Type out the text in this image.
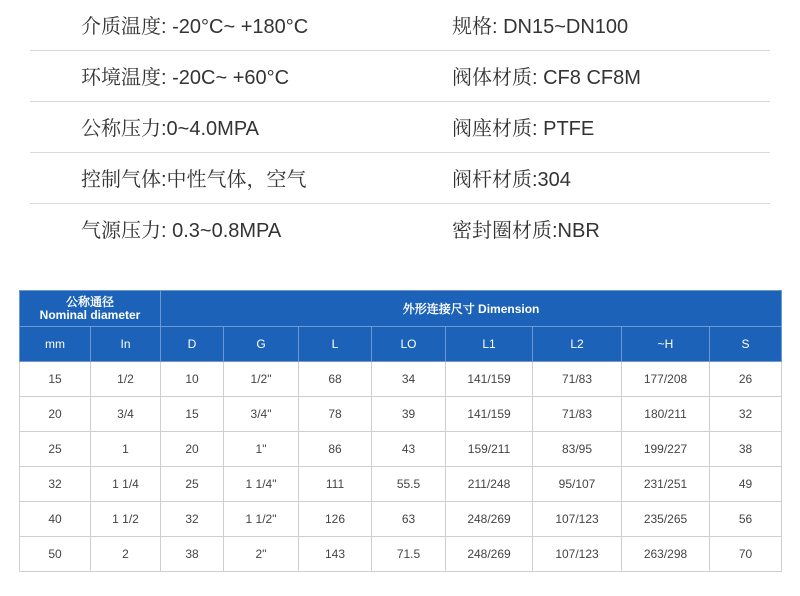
介质温度: -20°C~ +180°C	规格: DN15~DN100
环境温度: -20C~ +60°C	阀体材质: CF8 CF8M
公称压力:0~4.0MPA	阀座材质: PTFE
控制气体:中性气体，空气	阀杆材质:304
气源压力: 0.3~0.8MPA	密封圈材质:NBR
公称通径
Nominal diameter		外形连接尺寸 Dimension							
mm	In	D	G	L	LO	L1	L2	~H	S
15	1/2	10	1/2"	68	34	141/159	71/83	177/208	26
20	3/4	15	3/4"	78	39	141/159	71/83	180/211	32
25	1	20	1"	86	43	159/211	83/95	199/227	38
32	1 1/4	25	1 1/4"	111	55.5	211/248	95/107	231/251	49
40	1 1/2	32	1 1/2"	126	63	248/269	107/123	235/265	56
50	2	38	2"	143	71.5	248/269	107/123	263/298	70
